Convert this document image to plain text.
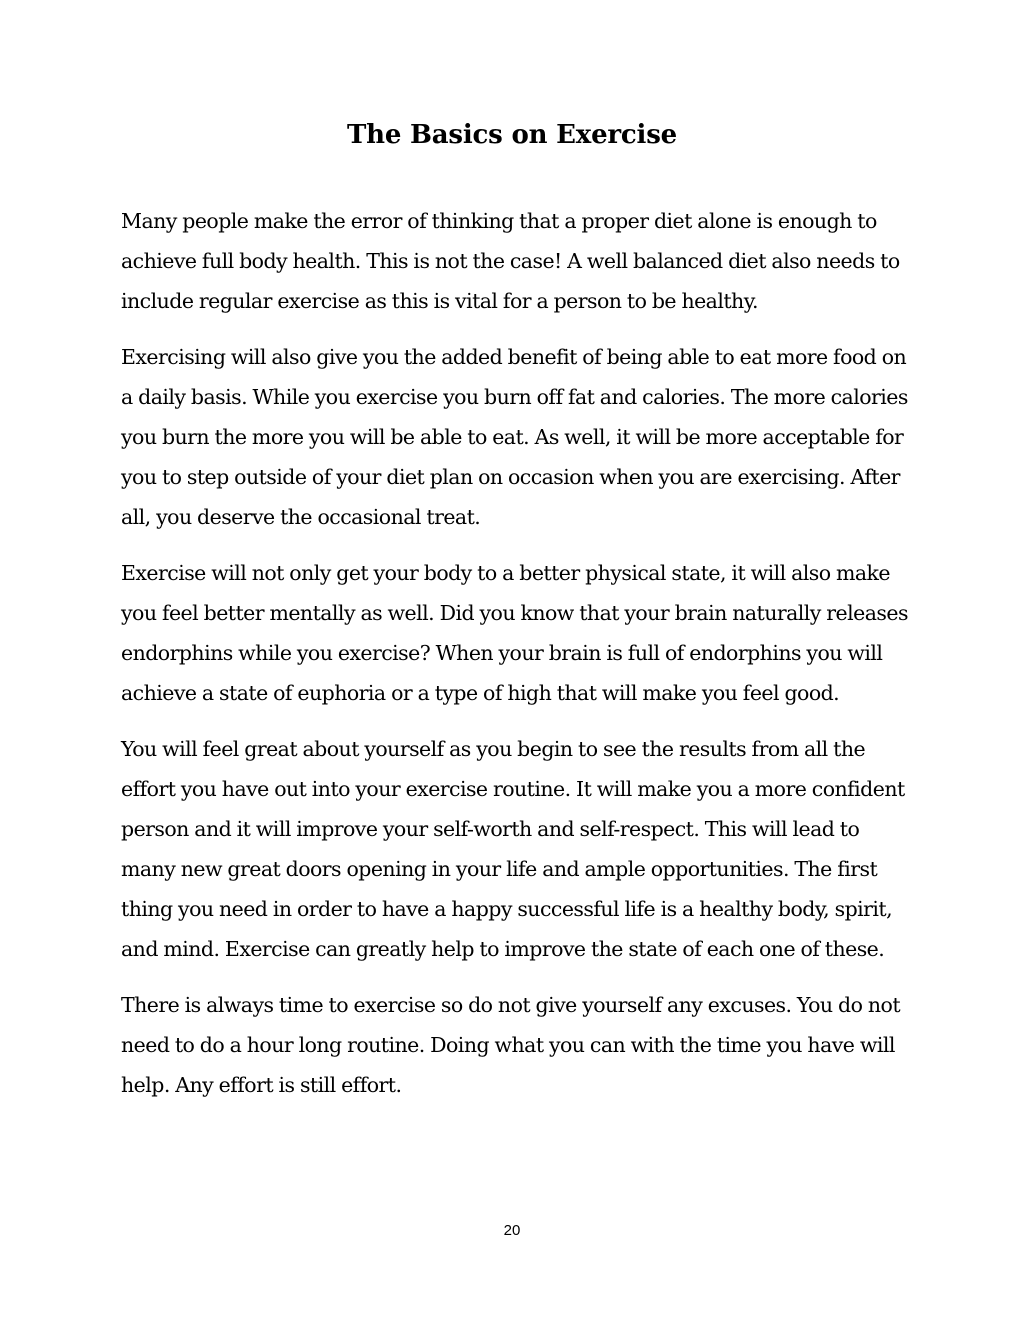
The Basics on Exercise

Many people make the error of thinking that a proper diet alone is enough to achieve full body health. This is not the case! A well balanced diet also needs to include regular exercise as this is vital for a person to be healthy.

Exercising will also give you the added benefit of being able to eat more food on a daily basis. While you exercise you burn off fat and calories. The more calories you burn the more you will be able to eat. As well, it will be more acceptable for you to step outside of your diet plan on occasion when you are exercising. After all, you deserve the occasional treat.

Exercise will not only get your body to a better physical state, it will also make you feel better mentally as well. Did you know that your brain naturally releases endorphins while you exercise? When your brain is full of endorphins you will achieve a state of euphoria or a type of high that will make you feel good.

You will feel great about yourself as you begin to see the results from all the effort you have out into your exercise routine. It will make you a more confident person and it will improve your self-worth and self-respect. This will lead to many new great doors opening in your life and ample opportunities. The first thing you need in order to have a happy successful life is a healthy body, spirit, and mind. Exercise can greatly help to improve the state of each one of these.

There is always time to exercise so do not give yourself any excuses. You do not need to do a hour long routine. Doing what you can with the time you have will help. Any effort is still effort.

20
